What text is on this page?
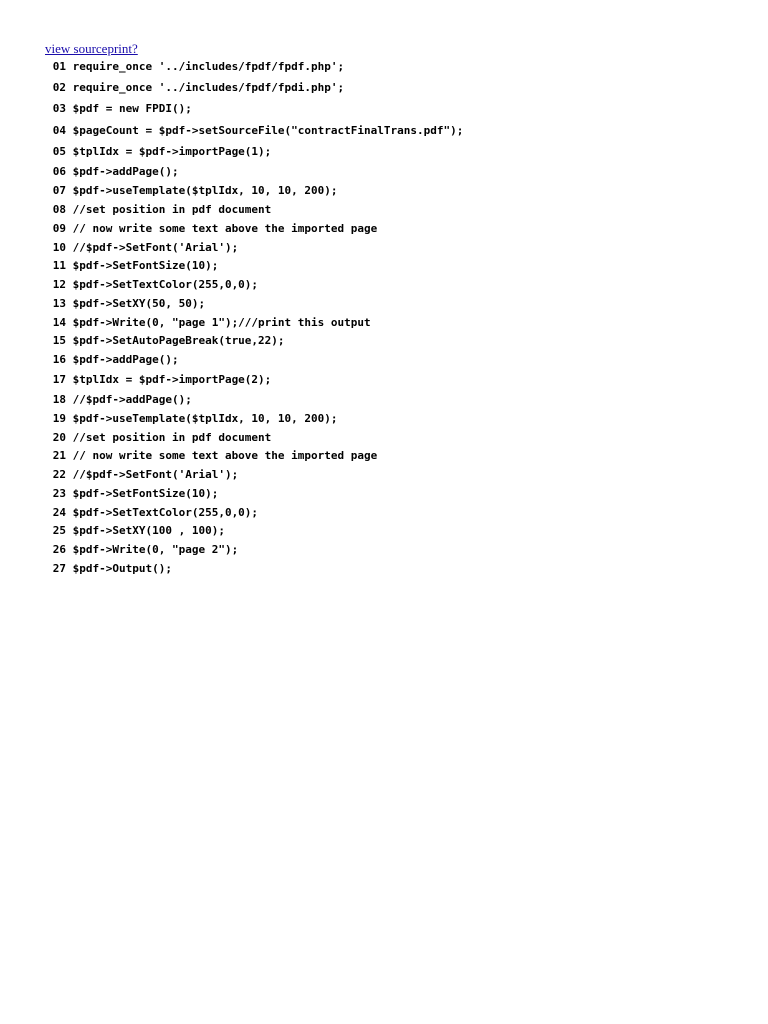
view sourceprint?
01 require_once '../includes/fpdf/fpdf.php';
02 require_once '../includes/fpdf/fpdi.php';
03 $pdf = new FPDI();
04 $pageCount = $pdf->setSourceFile("contractFinalTrans.pdf");
05 $tplIdx = $pdf->importPage(1);
06 $pdf->addPage();
07 $pdf->useTemplate($tplIdx, 10, 10, 200);
08 //set position in pdf document
09 // now write some text above the imported page
10 //$pdf->SetFont('Arial');
11 $pdf->SetFontSize(10);
12 $pdf->SetTextColor(255,0,0);
13 $pdf->SetXY(50, 50);
14 $pdf->Write(0, "page 1");///print this output
15 $pdf->SetAutoPageBreak(true,22);
16 $pdf->addPage();
17 $tplIdx = $pdf->importPage(2);
18 //$pdf->addPage();
19 $pdf->useTemplate($tplIdx, 10, 10, 200);
20 //set position in pdf document
21 // now write some text above the imported page
22 //$pdf->SetFont('Arial');
23 $pdf->SetFontSize(10);
24 $pdf->SetTextColor(255,0,0);
25 $pdf->SetXY(100 , 100);
26 $pdf->Write(0, "page 2");
27 $pdf->Output();
